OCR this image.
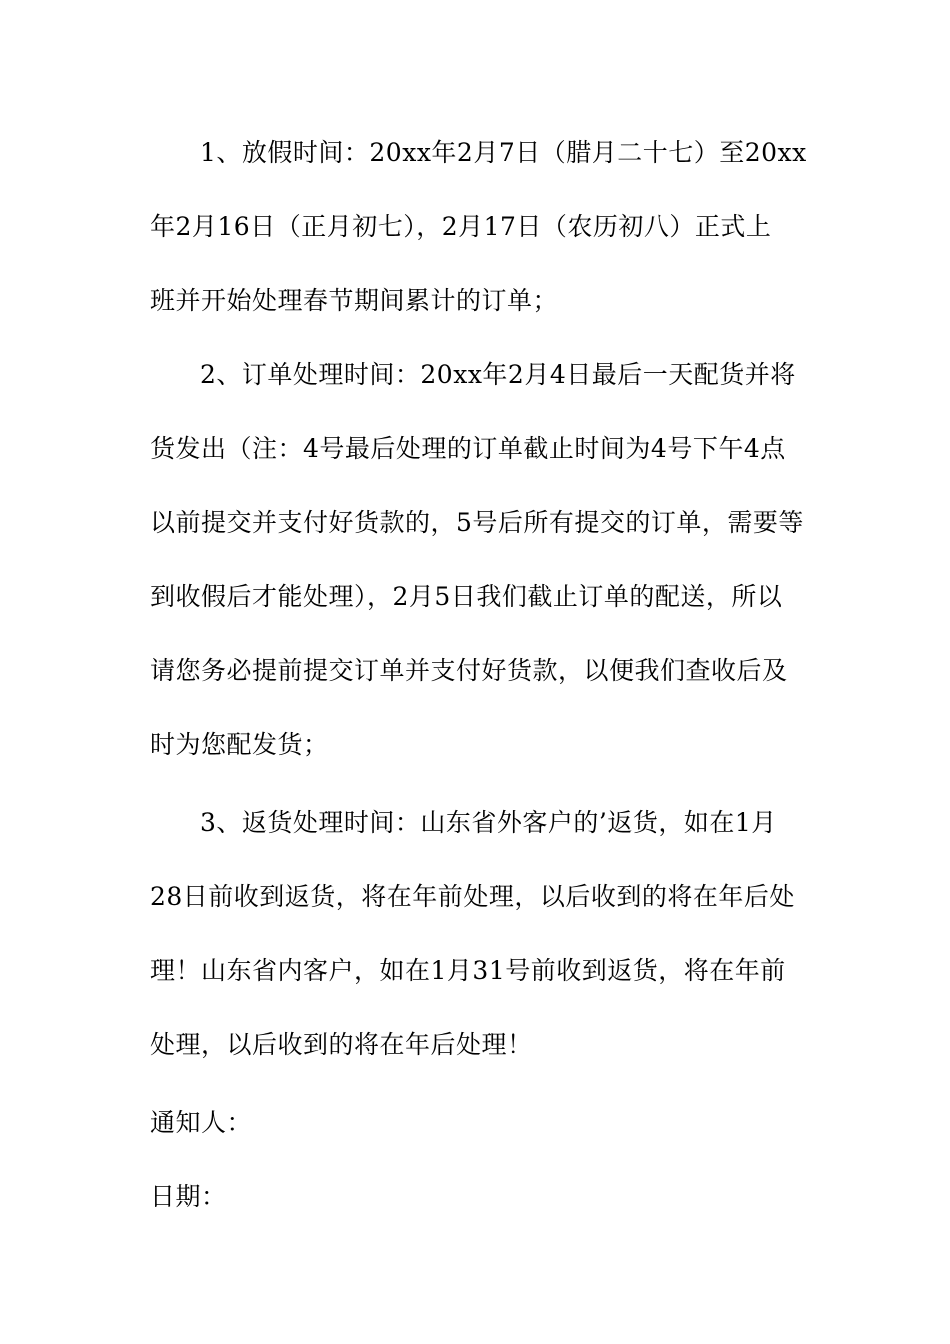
1、放假时间：20xx年2月7日（腊月二十七）至20xx
年2月16日（正月初七），2月17日（农历初八）正式上
班并开始处理春节期间累计的订单；
2、订单处理时间：20xx年2月4日最后一天配货并将
货发出（注：4号最后处理的订单截止时间为4号下午4点
以前提交并支付好货款的，5号后所有提交的订单，需要等
到收假后才能处理），2月5日我们截止订单的配送，所以
请您务必提前提交订单并支付好货款，以便我们查收后及
时为您配发货；
3、返货处理时间：山东省外客户的’返货，如在1月
28日前收到返货，将在年前处理，以后收到的将在年后处
理！山东省内客户，如在1月31号前收到返货，将在年前
处理，以后收到的将在年后处理！
通知人：
日期：
